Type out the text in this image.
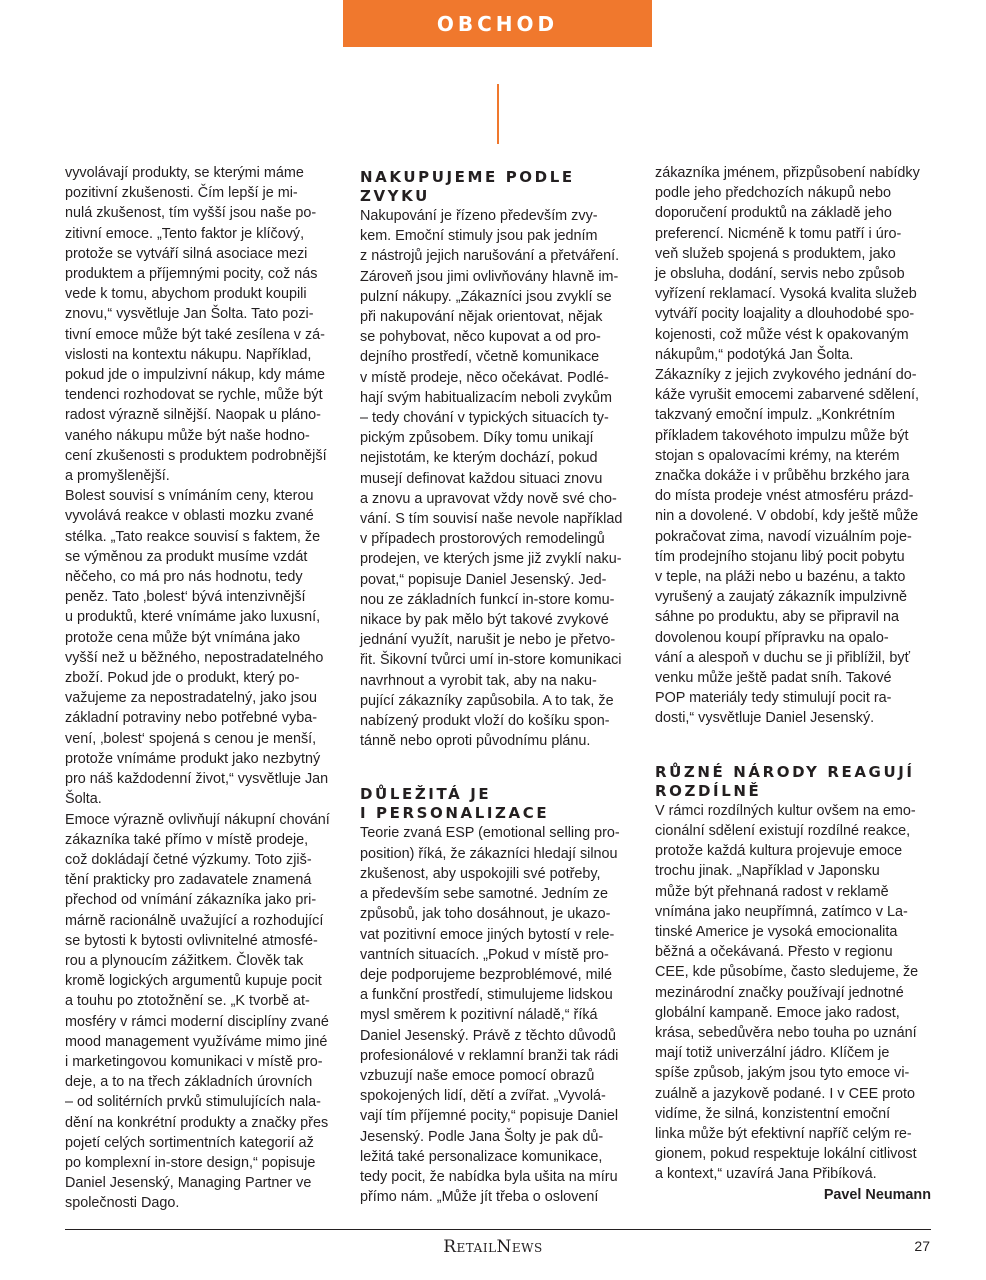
OBCHOD

vyvolávají produkty, se kterými máme
pozitivní zkušenosti. Čím lepší je mi-
nulá zkušenost, tím vyšší jsou naše po-
zitivní emoce. „Tento faktor je klíčový,
protože se vytváří silná asociace mezi
produktem a příjemnými pocity, což nás
vede k tomu, abychom produkt koupili
znovu,“ vysvětluje Jan Šolta. Tato pozi-
tivní emoce může být také zesílena v zá-
vislosti na kontextu nákupu. Například,
pokud jde o impulzivní nákup, kdy máme
tendenci rozhodovat se rychle, může být
radost výrazně silnější. Naopak u pláno-
vaného nákupu může být naše hodno-
cení zkušenosti s produktem podrobnější
a promyšlenější.

Bolest souvisí s vnímáním ceny, kterou
vyvolává reakce v oblasti mozku zvané
stélka. „Tato reakce souvisí s faktem, že
se výměnou za produkt musíme vzdát
něčeho, co má pro nás hodnotu, tedy
peněz. Tato ‚bolest‘ bývá intenzivnější
u produktů, které vnímáme jako luxusní,
protože cena může být vnímána jako
vyšší než u běžného, nepostradatelného
zboží. Pokud jde o produkt, který po-
važujeme za nepostradatelný, jako jsou
základní potraviny nebo potřebné vyba-
vení, ‚bolest‘ spojená s cenou je menší,
protože vnímáme produkt jako nezbytný
pro náš každodenní život,“ vysvětluje Jan
Šolta.

Emoce výrazně ovlivňují nákupní chování
zákazníka také přímo v místě prodeje,
což dokládají četné výzkumy. Toto zjiš-
tění prakticky pro zadavatele znamená
přechod od vnímání zákazníka jako pri-
márně racionálně uvažující a rozhodující
se bytosti k bytosti ovlivnitelné atmosfé-
rou a plynoucím zážitkem. Člověk tak
kromě logických argumentů kupuje pocit
a touhu po ztotožnění se. „K tvorbě at-
mosféry v rámci moderní disciplíny zvané
mood management využíváme mimo jiné
i marketingovou komunikaci v místě pro-
deje, a to na třech základních úrovních
– od solitérních prvků stimulujících nala-
dění na konkrétní produkty a značky přes
pojetí celých sortimentních kategorií až
po komplexní in-store design,“ popisuje
Daniel Jesenský, Managing Partner ve
společnosti Dago.

NAKUPUJEME PODLE
ZVYKU

Nakupování je řízeno především zvy-
kem. Emoční stimuly jsou pak jedním
z nástrojů jejich narušování a přetváření.
Zároveň jsou jimi ovlivňovány hlavně im-
pulzní nákupy. „Zákazníci jsou zvyklí se
při nakupování nějak orientovat, nějak
se pohybovat, něco kupovat a od pro-
dejního prostředí, včetně komunikace
v místě prodeje, něco očekávat. Podlé-
hají svým habitualizacím neboli zvykům
– tedy chování v typických situacích ty-
pickým způsobem. Díky tomu unikají
nejistotám, ke kterým dochází, pokud
musejí definovat každou situaci znovu
a znovu a upravovat vždy nově své cho-
vání. S tím souvisí naše nevole například
v případech prostorových remodelingů
prodejen, ve kterých jsme již zvyklí naku-
povat,“ popisuje Daniel Jesenský. Jed-
nou ze základních funkcí in-store komu-
nikace by pak mělo být takové zvykové
jednání využít, narušit je nebo je přetvo-
řit. Šikovní tvůrci umí in-store komunikaci
navrhnout a vyrobit tak, aby na naku-
pující zákazníky zapůsobila. A to tak, že
nabízený produkt vloží do košíku spon-
tánně nebo oproti původnímu plánu.

DŮLEŽITÁ JE
I PERSONALIZACE

Teorie zvaná ESP (emotional selling pro-
position) říká, že zákazníci hledají silnou
zkušenost, aby uspokojili své potřeby,
a především sebe samotné. Jedním ze
způsobů, jak toho dosáhnout, je ukazo-
vat pozitivní emoce jiných bytostí v rele-
vantních situacích. „Pokud v místě pro-
deje podporujeme bezproblémové, milé
a funkční prostředí, stimulujeme lidskou
mysl směrem k pozitivní náladě,“ říká
Daniel Jesenský. Právě z těchto důvodů
profesionálové v reklamní branži tak rádi
vzbuzují naše emoce pomocí obrazů
spokojených lidí, dětí a zvířat. „Vyvolá-
vají tím příjemné pocity,“ popisuje Daniel
Jesenský. Podle Jana Šolty je pak dů-
ležitá také personalizace komunikace,
tedy pocit, že nabídka byla ušita na míru
přímo nám. „Může jít třeba o oslovení

zákazníka jménem, přizpůsobení nabídky
podle jeho předchozích nákupů nebo
doporučení produktů na základě jeho
preferencí. Nicméně k tomu patří i úro-
veň služeb spojená s produktem, jako
je obsluha, dodání, servis nebo způsob
vyřízení reklamací. Vysoká kvalita služeb
vytváří pocity loajality a dlouhodobé spo-
kojenosti, což může vést k opakovaným
nákupům,“ podotýká Jan Šolta.

Zákazníky z jejich zvykového jednání do-
káže vyrušit emocemi zabarvené sdělení,
takzvaný emoční impulz. „Konkrétním
příkladem takovéhoto impulzu může být
stojan s opalovacími krémy, na kterém
značka dokáže i v průběhu brzkého jara
do místa prodeje vnést atmosféru prázd-
nin a dovolené. V období, kdy ještě může
pokračovat zima, navodí vizuálním poje-
tím prodejního stojanu libý pocit pobytu
v teple, na pláži nebo u bazénu, a takto
vyrušený a zaujatý zákazník impulzivně
sáhne po produktu, aby se připravil na
dovolenou koupí přípravku na opalo-
vání a alespoň v duchu se ji přiblížil, byť
venku může ještě padat sníh. Takové
POP materiály tedy stimulují pocit ra-
dosti,“ vysvětluje Daniel Jesenský.

RŮZNÉ NÁRODY REAGUJÍ
ROZDÍLNĚ

V rámci rozdílných kultur ovšem na emo-
cionální sdělení existují rozdílné reakce,
protože každá kultura projevuje emoce
trochu jinak. „Například v Japonsku
může být přehnaná radost v reklamě
vnímána jako neupřímná, zatímco v La-
tinské Americe je vysoká emocionalita
běžná a očekávaná. Přesto v regionu
CEE, kde působíme, často sledujeme, že
mezinárodní značky používají jednotné
globální kampaně. Emoce jako radost,
krása, sebedůvěra nebo touha po uznání
mají totiž univerzální jádro. Klíčem je
spíše způsob, jakým jsou tyto emoce vi-
zuálně a jazykově podané. I v CEE proto
vidíme, že silná, konzistentní emoční
linka může být efektivní napříč celým re-
gionem, pokud respektuje lokální citlivost
a kontext,“ uzavírá Jana Přibíková.

Pavel Neumann

RetailNews	27
